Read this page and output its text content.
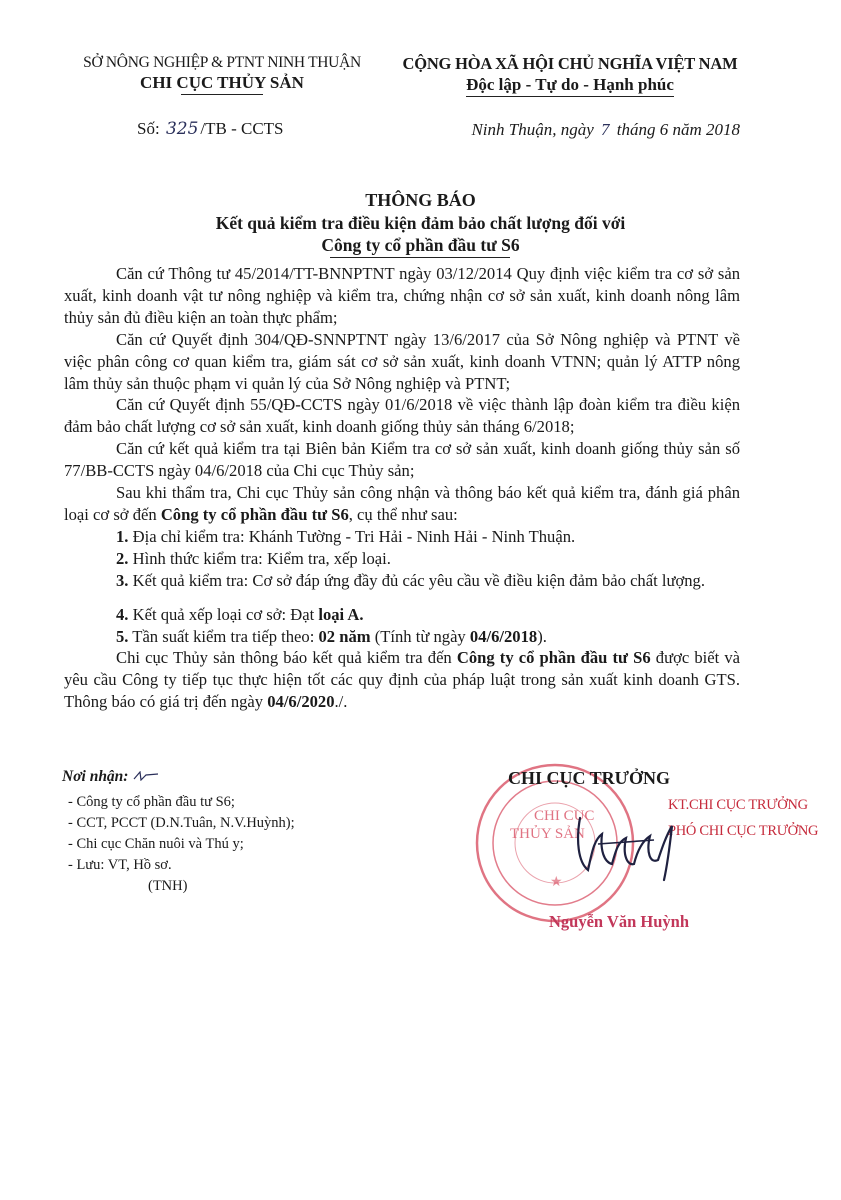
SỞ NÔNG NGHIỆP & PTNT NINH THUẬN
CHI CỤC THỦY SẢN
CỘNG HÒA XÃ HỘI CHỦ NGHĨA VIỆT NAM
Độc lập - Tự do - Hạnh phúc
Số: 325 /TB - CCTS	Ninh Thuận, ngày 7 tháng 6 năm 2018
THÔNG BÁO
Kết quả kiểm tra điều kiện đảm bảo chất lượng đối với
Công ty cổ phần đầu tư S6

Căn cứ Thông tư 45/2014/TT-BNNPTNT ngày 03/12/2014 Quy định việc kiểm tra cơ sở sản xuất, kinh doanh vật tư nông nghiệp và kiểm tra, chứng nhận cơ sở sản xuất, kinh doanh nông lâm thủy sản đủ điều kiện an toàn thực phẩm;

Căn cứ Quyết định 304/QĐ-SNNPTNT ngày 13/6/2017 của Sở Nông nghiệp và PTNT về việc phân công cơ quan kiểm tra, giám sát cơ sở sản xuất, kinh doanh VTNN; quản lý ATTP nông lâm thủy sản thuộc phạm vi quản lý của Sở Nông nghiệp và PTNT;

Căn cứ Quyết định 55/QĐ-CCTS ngày 01/6/2018 về việc thành lập đoàn kiểm tra điều kiện đảm bảo chất lượng cơ sở sản xuất, kinh doanh giống thủy sản tháng 6/2018;

Căn cứ kết quả kiểm tra tại Biên bản Kiểm tra cơ sở sản xuất, kinh doanh giống thủy sản số 77/BB-CCTS ngày 04/6/2018 của Chi cục Thủy sản;

Sau khi thẩm tra, Chi cục Thủy sản công nhận và thông báo kết quả kiểm tra, đánh giá phân loại cơ sở đến Công ty cổ phần đầu tư S6, cụ thể như sau:

1. Địa chỉ kiểm tra: Khánh Tường - Tri Hải - Ninh Hải - Ninh Thuận.

2. Hình thức kiểm tra: Kiểm tra, xếp loại.

3. Kết quả kiểm tra: Cơ sở đáp ứng đầy đủ các yêu cầu về điều kiện đảm bảo chất lượng.

4. Kết quả xếp loại cơ sở: Đạt loại A.

5. Tần suất kiểm tra tiếp theo: 02 năm (Tính từ ngày 04/6/2018).

Chi cục Thủy sản thông báo kết quả kiểm tra đến Công ty cổ phần đầu tư S6 được biết và yêu cầu Công ty tiếp tục thực hiện tốt các quy định của pháp luật trong sản xuất kinh doanh GTS. Thông báo có giá trị đến ngày 04/6/2020./.

Nơi nhận:
- Công ty cổ phần đầu tư S6;
- CCT, PCCT (D.N.Tuân, N.V.Huỳnh);
- Chi cục Chăn nuôi và Thú y;
- Lưu: VT, Hồ sơ.
(TNH)
CHI CỤC
THỦY SẢN
★
CHI CỤC TRƯỞNG
KT.CHI CỤC TRƯỞNG
PHÓ CHI CỤC TRƯỞNG
Nguyễn Văn Huỳnh
